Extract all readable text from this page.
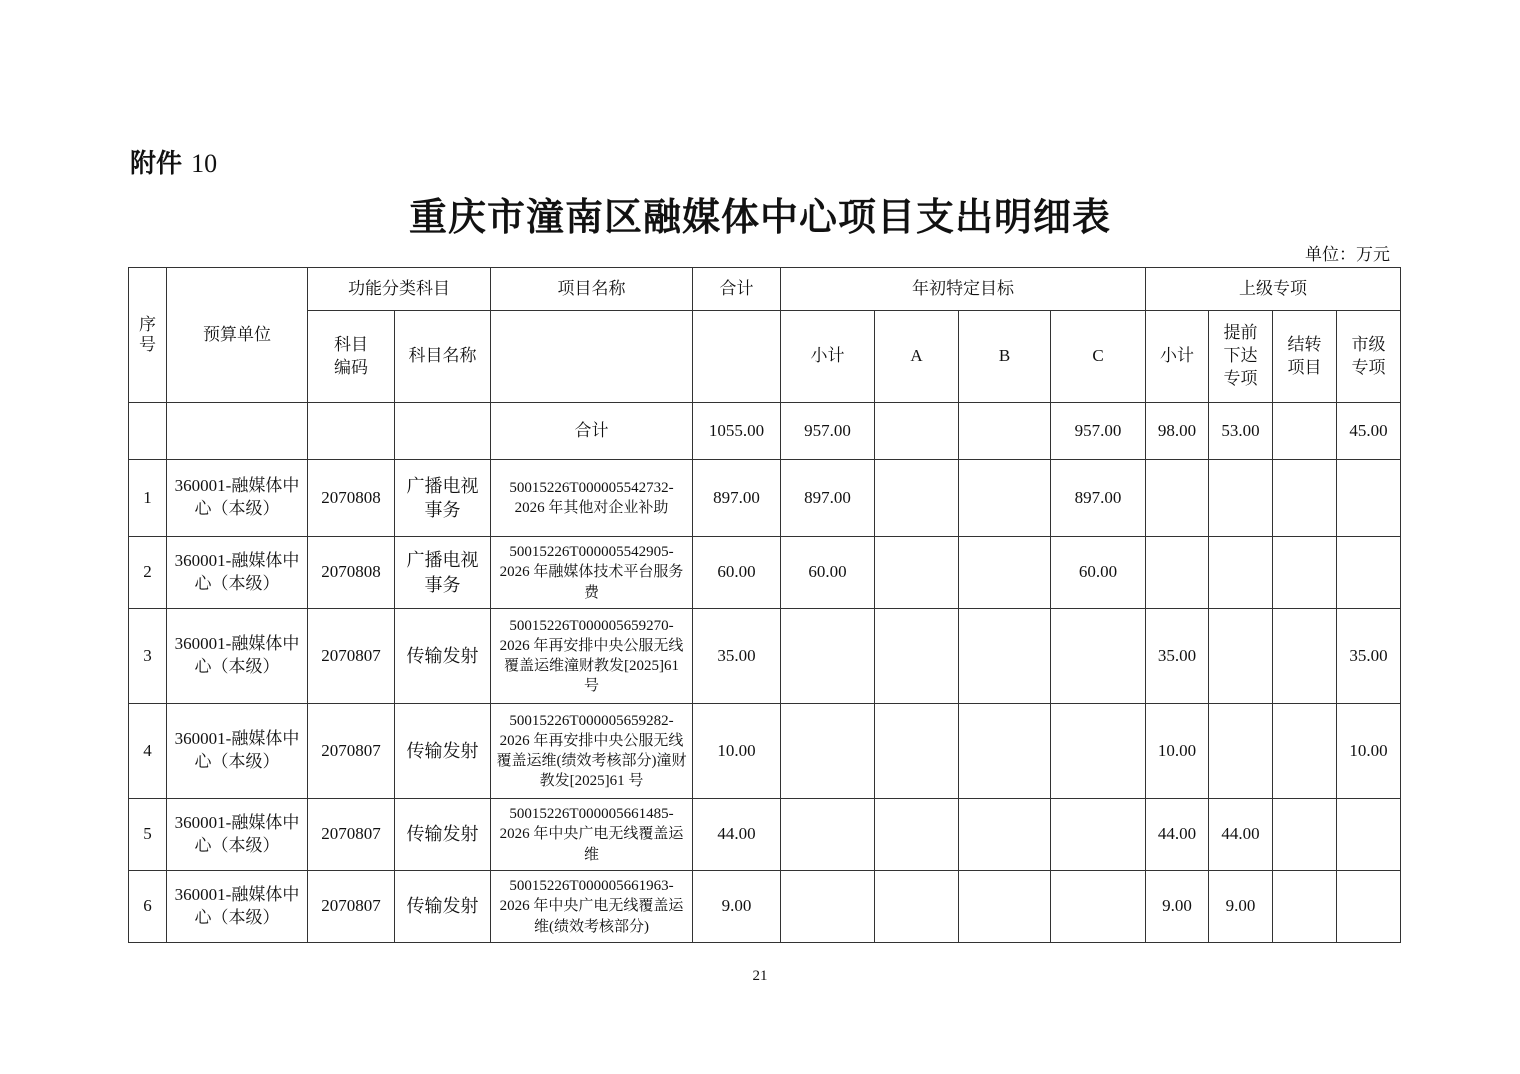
附件 10
重庆市潼南区融媒体中心项目支出明细表
单位：万元
序号	预算单位	功能分类科目		项目名称	合计	年初特定目标				上级专项			

		科目编码	科目名称			小计	A	B	C	小计	提前下达专项	结转项目	市级专项

				合计	1055.00	957.00			957.00	98.00	53.00		45.00
1	360001-融媒体中心（本级）	2070808	广播电视事务	50015226T000005542732-2026 年其他对企业补助	897.00	897.00			897.00				
2	360001-融媒体中心（本级）	2070808	广播电视事务	50015226T000005542905-2026 年融媒体技术平台服务费	60.00	60.00			60.00				
3	360001-融媒体中心（本级）	2070807	传输发射	50015226T000005659270-2026 年再安排中央公服无线覆盖运维潼财教发[2025]61 号	35.00					35.00			35.00
4	360001-融媒体中心（本级）	2070807	传输发射	50015226T000005659282-2026 年再安排中央公服无线覆盖运维(绩效考核部分)潼财教发[2025]61 号	10.00					10.00			10.00
5	360001-融媒体中心（本级）	2070807	传输发射	50015226T000005661485-2026 年中央广电无线覆盖运维	44.00					44.00	44.00		
6	360001-融媒体中心（本级）	2070807	传输发射	50015226T000005661963-2026 年中央广电无线覆盖运维(绩效考核部分)	9.00					9.00	9.00		
21
